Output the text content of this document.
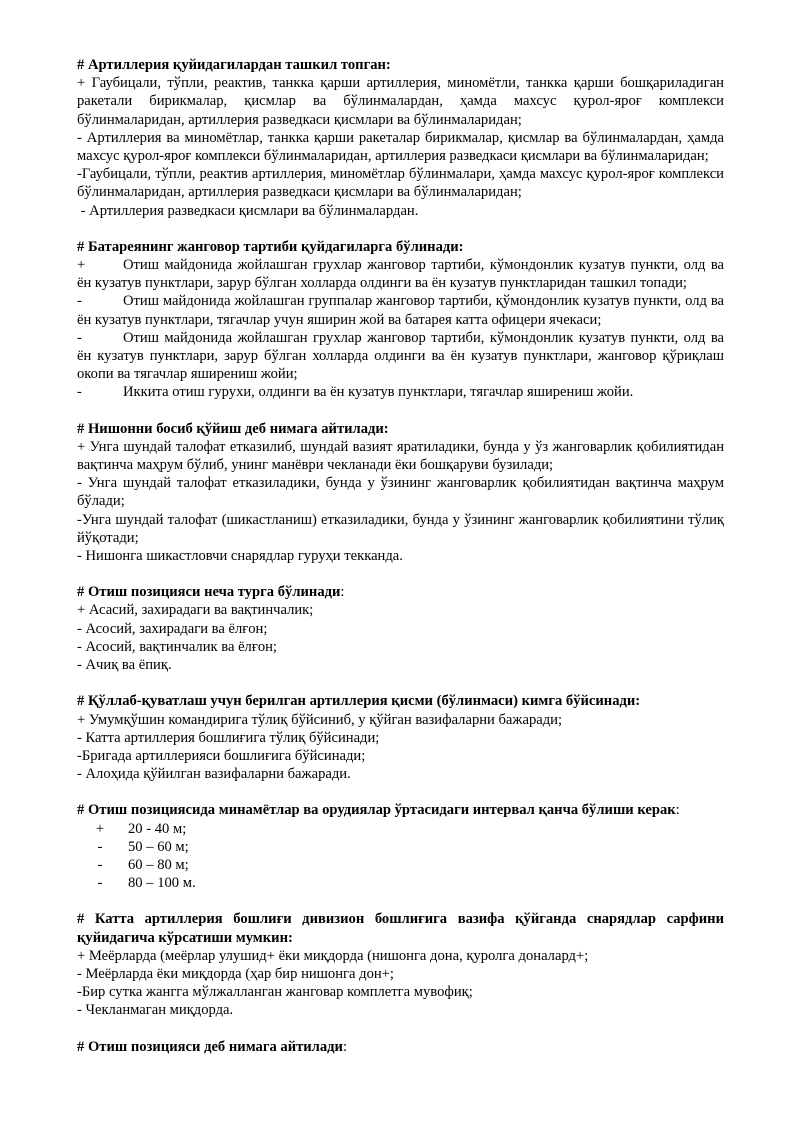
# Артиллерия қуйидагилардан ташкил топган:
+ Гаубицали, тўпли, реактив, танкка қарши артиллерия, миномётли, танкка қарши бошқариладиган ракетали бирикмалар, қисмлар ва бўлинмалардан, ҳамда махсус қурол-яроғ комплекси бўлинмаларидан, артиллерия разведкаси қисмлари ва бўлинмаларидан;
- Артиллерия ва миномётлар, танкка қарши ракеталар бирикмалар, қисмлар ва бўлинмалардан, ҳамда махсус қурол-яроғ комплекси бўлинмаларидан, артиллерия разведкаси қисмлари ва бўлинмаларидан;
-Гаубицали, тўпли, реактив артиллерия, миномётлар бўлинмалари, ҳамда махсус қурол-яроғ комплекси бўлинмаларидан, артиллерия разведкаси қисмлари ва бўлинмаларидан;
- Артиллерия разведкаси қисмлари ва бўлинмалардан.
# Батареянинг жанговор тартиби қуйдагиларга бўлинади:
+	Отиш майдонида жойлашган грухлар жанговор тартиби, кўмондонлик кузатув пункти, олд ва ён кузатув пунктлари, зарур бўлган холларда олдинги ва ён кузатув пунктларидан ташкил топади;
-	Отиш майдонида жойлашган группалар жанговор тартиби, қўмондонлик кузатув пункти, олд ва ён кузатув пунктлари, тягачлар учун яширин жой ва батарея катта офицери ячекаси;
-	Отиш майдонида жойлашган грухлар жанговор тартиби, кўмондонлик кузатув пункти, олд ва ён кузатув пунктлари, зарур бўлган холларда олдинги ва ён кузатув пунктлари, жанговор қўриқлаш окопи ва тягачлар яширениш жойи;
-	Иккита отиш гурухи, олдинги ва ён кузатув пунктлари, тягачлар яширениш жойи.
# Нишонни босиб қўйиш деб нимага айтилади:
+ Унга шундай талофат етказилиб, шундай вазият яратиладики, бунда у ўз жанговарлик қобилиятидан вақтинча маҳрум бўлиб, унинг манёври чекланади ёки бошқаруви бузилади;
- Унга шундай талофат етказиладики, бунда у ўзининг жанговарлик қобилиятидан вақтинча маҳрум бўлади;
-Унга шундай талофат (шикастланиш) етказиладики, бунда у ўзининг жанговарлик қобилиятини тўлиқ йўқотади;
- Нишонга шикастловчи снарядлар гуруҳи текканда.
# Отиш позицияси неча турга бўлинади:
+ Асасий, захирадаги ва вақтинчалик;
- Асосий, захирадаги ва ёлғон;
- Асосий, вақтинчалик ва ёлғон;
- Ачиқ ва ёпиқ.
# Қўллаб-қуватлаш учун берилган артиллерия қисми (бўлинмаси) кимга бўйсинади:
+ Умумқўшин командирига тўлиқ бўйсиниб, у қўйган вазифаларни бажаради;
- Катта артиллерия бошлиғига тўлиқ бўйсинади;
-Бригада артиллерияси бошлиғига бўйсинади;
- Алоҳида қўйилган вазифаларни бажаради.
# Отиш позициясида минамётлар ва орудиялар ўртасидаги интервал қанча бўлиши керак:
+	20 - 40 м;
-	50 – 60 м;
-	60 – 80 м;
-	80 – 100 м.
# Катта артиллерия бошлиғи дивизион бошлиғига вазифа қўйганда снарядлар сарфини қуйидагича кўрсатиши мумкин:
+ Меёрларда (меёрлар улушид+ ёки миқдорда (нишонга дона, қуролга доналард+;
- Меёрларда ёки миқдорда (ҳар бир нишонга дон+;
-Бир сутка жангга мўлжалланган жанговар комплетга мувофиқ;
- Чекланмаган миқдорда.
# Отиш позицияси деб нимага айтилади:
